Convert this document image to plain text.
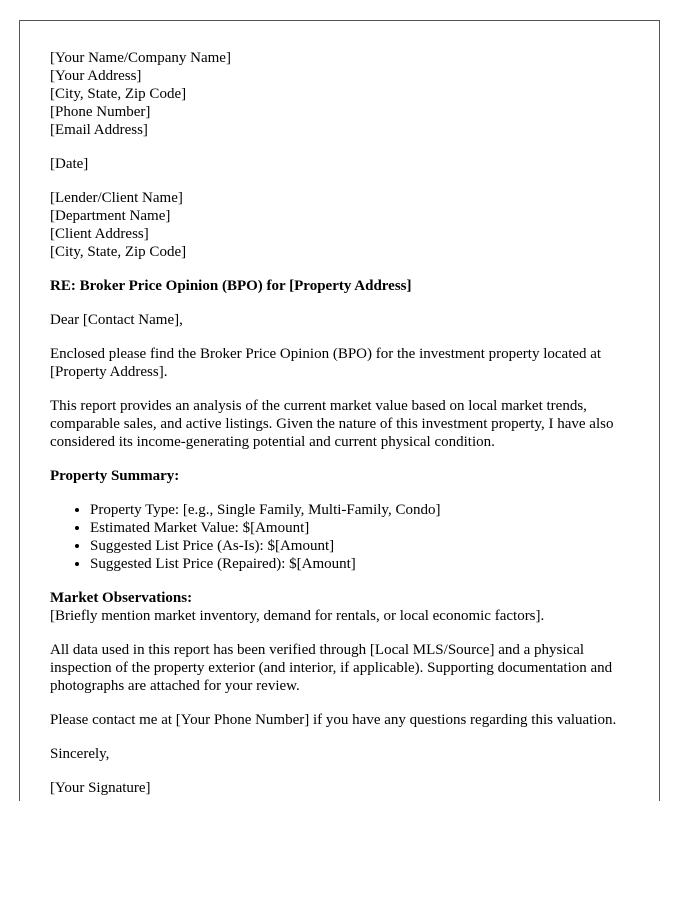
[Your Name/Company Name]
[Your Address]
[City, State, Zip Code]
[Phone Number]
[Email Address]

[Date]

[Lender/Client Name]
[Department Name]
[Client Address]
[City, State, Zip Code]

RE: Broker Price Opinion (BPO) for [Property Address]

Dear [Contact Name],

Enclosed please find the Broker Price Opinion (BPO) for the investment property located at [Property Address].

This report provides an analysis of the current market value based on local market trends, comparable sales, and active listings. Given the nature of this investment property, I have also considered its income-generating potential and current physical condition.

Property Summary:

• Property Type: [e.g., Single Family, Multi-Family, Condo]
• Estimated Market Value: $[Amount]
• Suggested List Price (As-Is): $[Amount]
• Suggested List Price (Repaired): $[Amount]
Market Observations:
[Briefly mention market inventory, demand for rentals, or local economic factors].

All data used in this report has been verified through [Local MLS/Source] and a physical inspection of the property exterior (and interior, if applicable). Supporting documentation and photographs are attached for your review.

Please contact me at [Your Phone Number] if you have any questions regarding this valuation.

Sincerely,

[Your Signature]
